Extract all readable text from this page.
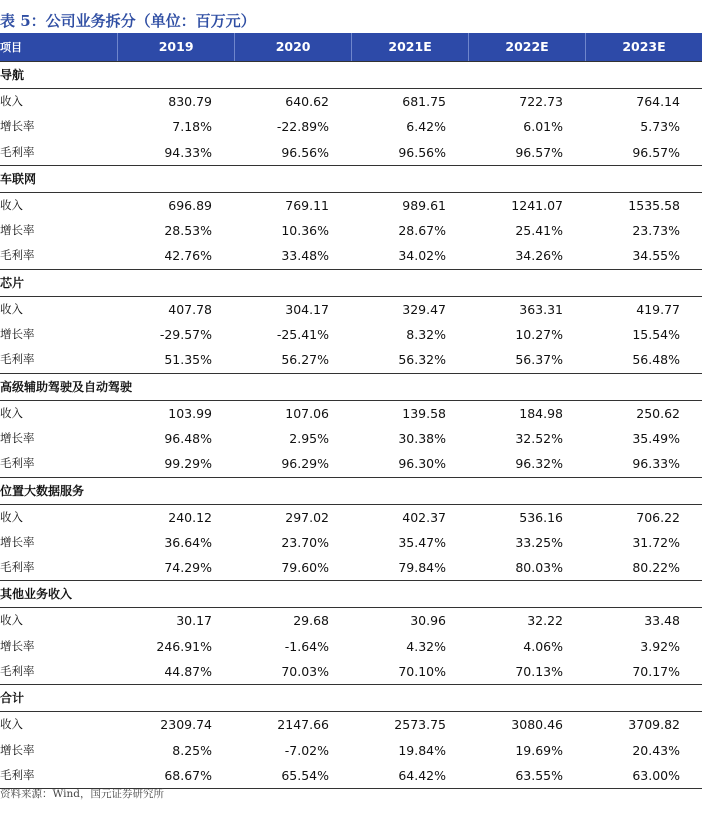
表 5：公司业务拆分（单位：百万元）
项目	2019	2020	2021E	2022E	2023E
导航
收入	830.79	640.62	681.75	722.73	764.14
增长率	7.18%	-22.89%	6.42%	6.01%	5.73%
毛利率	94.33%	96.56%	96.56%	96.57%	96.57%
车联网
收入	696.89	769.11	989.61	1241.07	1535.58
增长率	28.53%	10.36%	28.67%	25.41%	23.73%
毛利率	42.76%	33.48%	34.02%	34.26%	34.55%
芯片
收入	407.78	304.17	329.47	363.31	419.77
增长率	-29.57%	-25.41%	8.32%	10.27%	15.54%
毛利率	51.35%	56.27%	56.32%	56.37%	56.48%
高级辅助驾驶及自动驾驶
收入	103.99	107.06	139.58	184.98	250.62
增长率	96.48%	2.95%	30.38%	32.52%	35.49%
毛利率	99.29%	96.29%	96.30%	96.32%	96.33%
位置大数据服务
收入	240.12	297.02	402.37	536.16	706.22
增长率	36.64%	23.70%	35.47%	33.25%	31.72%
毛利率	74.29%	79.60%	79.84%	80.03%	80.22%
其他业务收入
收入	30.17	29.68	30.96	32.22	33.48
增长率	246.91%	-1.64%	4.32%	4.06%	3.92%
毛利率	44.87%	70.03%	70.10%	70.13%	70.17%
合计
收入	2309.74	2147.66	2573.75	3080.46	3709.82
增长率	8.25%	-7.02%	19.84%	19.69%	20.43%
毛利率	68.67%	65.54%	64.42%	63.55%	63.00%
资料来源：Wind，国元证券研究所
